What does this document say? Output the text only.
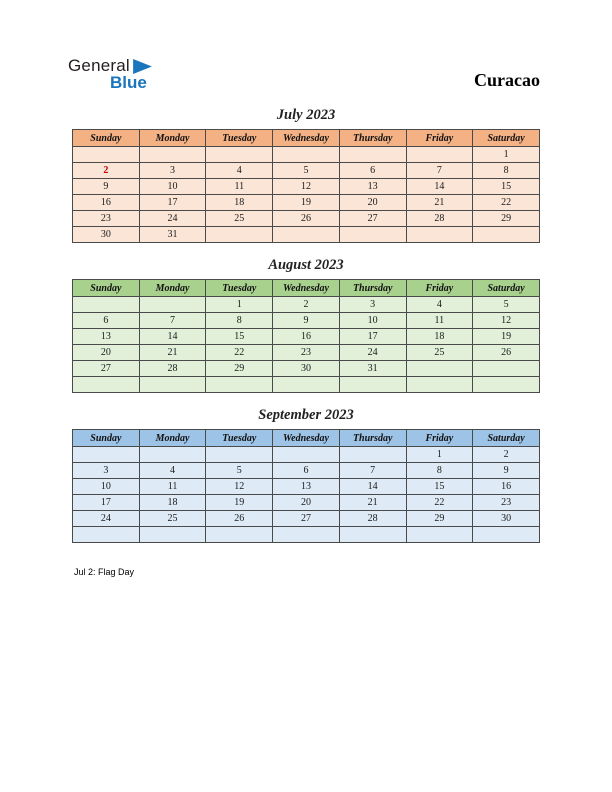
General
Blue	Curacao
July 2023
Sunday	Monday	Tuesday	Wednesday	Thursday	Friday	Saturday
						1
2	3	4	5	6	7	8
9	10	11	12	13	14	15
16	17	18	19	20	21	22
23	24	25	26	27	28	29
30	31					
August 2023
Sunday	Monday	Tuesday	Wednesday	Thursday	Friday	Saturday
		1	2	3	4	5
6	7	8	9	10	11	12
13	14	15	16	17	18	19
20	21	22	23	24	25	26
27	28	29	30	31		

September 2023
Sunday	Monday	Tuesday	Wednesday	Thursday	Friday	Saturday
					1	2
3	4	5	6	7	8	9
10	11	12	13	14	15	16
17	18	19	20	21	22	23
24	25	26	27	28	29	30

Jul 2: Flag Day
